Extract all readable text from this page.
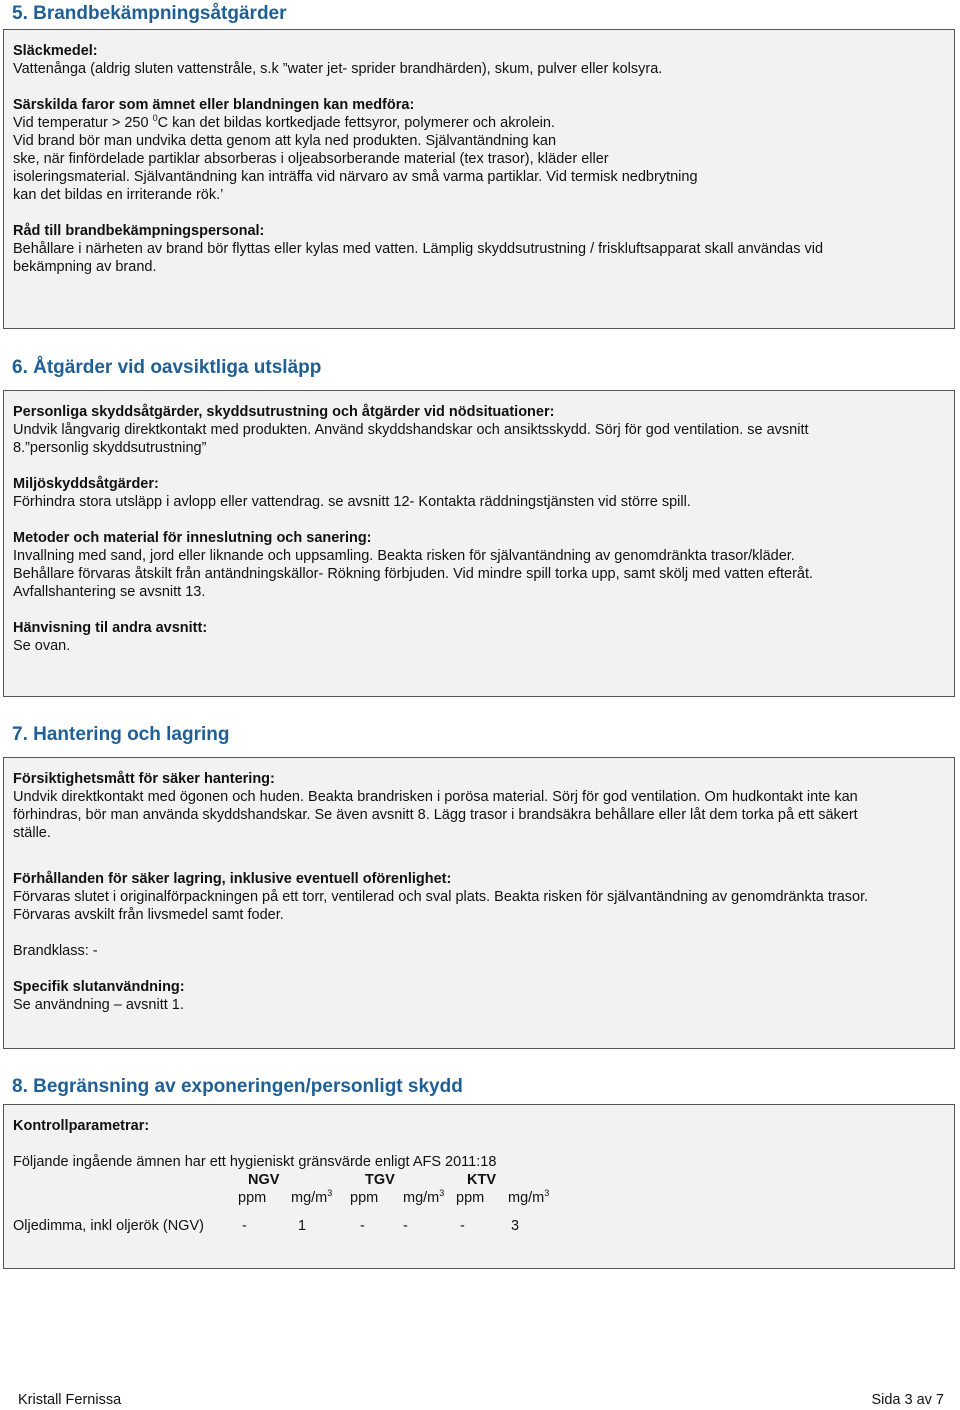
5. Brandbekämpningsåtgärder

Släckmedel:

Vattenånga (aldrig sluten vattenstråle, s.k ”water jet- sprider brandhärden), skum, pulver eller kolsyra.

Särskilda faror som ämnet eller blandningen kan medföra:

Vid temperatur > 250 $^0$C kan det bildas kortkedjade fettsyror, polymerer och akrolein.

Vid brand bör man undvika detta genom att kyla ned produkten. Självantändning kan

ske, när finfördelade partiklar absorberas i oljeabsorberande material (tex trasor), kläder eller

isoleringsmaterial. Självantändning kan inträffa vid närvaro av små varma partiklar. Vid termisk nedbrytning

kan det bildas en irriterande rök.’

Råd till brandbekämpningspersonal:

Behållare i närheten av brand bör flyttas eller kylas med vatten. Lämplig skyddsutrustning / friskluftsapparat skall användas vid

bekämpning av brand.

6. Åtgärder vid oavsiktliga utsläpp

Personliga skyddsåtgärder, skyddsutrustning och åtgärder vid nödsituationer:

Undvik långvarig direktkontakt med produkten. Använd skyddshandskar och ansiktsskydd. Sörj för god ventilation. se avsnitt

8.”personlig skyddsutrustning”

Miljöskyddsåtgärder:

Förhindra stora utsläpp i avlopp eller vattendrag. se avsnitt 12- Kontakta räddningstjänsten vid större spill.

Metoder och material för inneslutning och sanering:

Invallning med sand, jord eller liknande och uppsamling. Beakta risken för självantändning av genomdränkta trasor/kläder.

Behållare förvaras åtskilt från antändningskällor- Rökning förbjuden. Vid mindre spill torka upp, samt skölj med vatten efteråt.

Avfallshantering se avsnitt 13.

Hänvisning til andra avsnitt:

Se ovan.

7. Hantering och lagring

Försiktighetsmått för säker hantering:

Undvik direktkontakt med ögonen och huden. Beakta brandrisken i porösa material. Sörj för god ventilation. Om hudkontakt inte kan

förhindras, bör man använda skyddshandskar. Se även avsnitt 8. Lägg trasor i brandsäkra behållare eller låt dem torka på ett säkert

ställe.

Förhållanden för säker lagring, inklusive eventuell oförenlighet:

Förvaras slutet i originalförpackningen på ett torr, ventilerad och sval plats. Beakta risken för självantändning av genomdränkta trasor.

Förvaras avskilt från livsmedel samt foder.

Brandklass: -

Specifik slutanvändning:

Se användning – avsnitt 1.

8. Begränsning av exponeringen/personligt skydd

Kontrollparametrar:

Följande ingående ämnen har ett hygieniskt gränsvärde enligt AFS 2011:18

NGV	TGV	KTV
ppm $mg/m^3$ ppm $mg/m^3$ ppm $mg/m^3$
Oljedimma, inkl oljerök (NGV)	-	1	-	-	-	3
Kristall Fernissa	Sida 3 av 7
